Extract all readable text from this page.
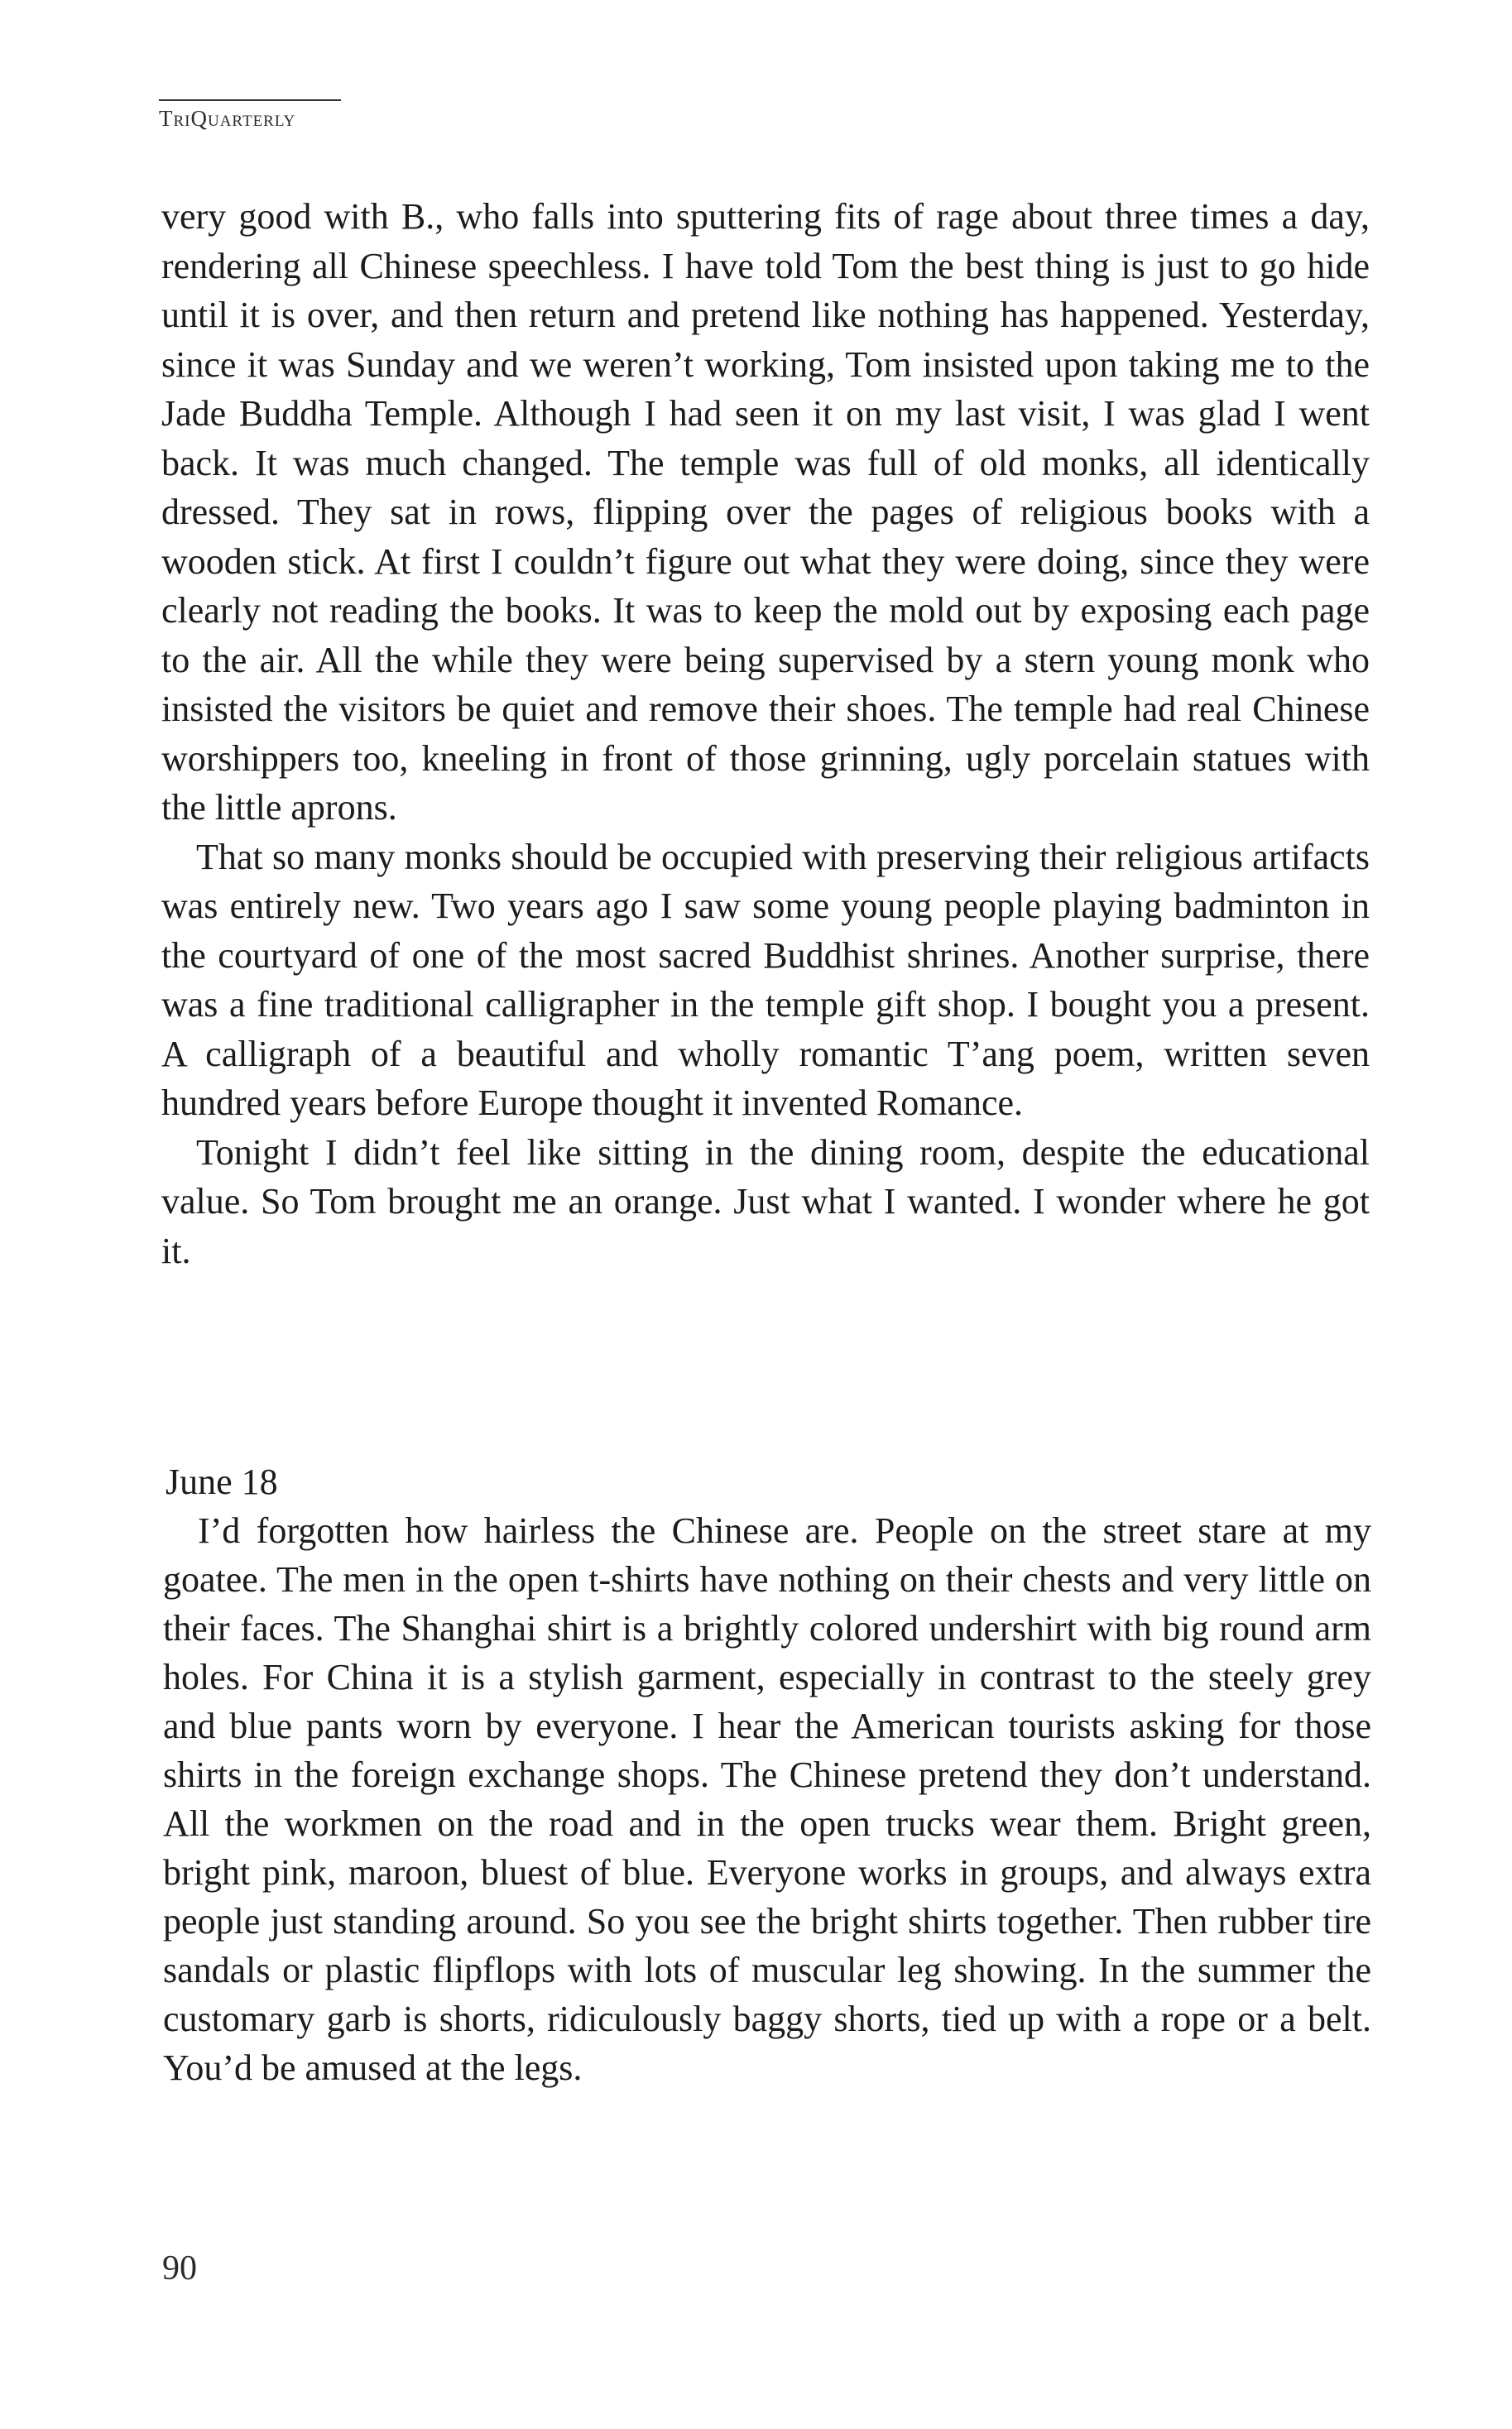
TriQuarterly

very good with B., who falls into sputtering fits of rage about three times a day, rendering all Chinese speechless. I have told Tom the best thing is just to go hide until it is over, and then return and pretend like nothing has happened. Yesterday, since it was Sunday and we weren’t working, Tom insisted upon taking me to the Jade Buddha Temple. Although I had seen it on my last visit, I was glad I went back. It was much changed. The temple was full of old monks, all identically dressed. They sat in rows, flipping over the pages of religious books with a wooden stick. At first I couldn’t figure out what they were doing, since they were clearly not reading the books. It was to keep the mold out by exposing each page to the air. All the while they were being supervised by a stern young monk who insisted the visitors be quiet and remove their shoes. The temple had real Chinese worshippers too, kneeling in front of those grinning, ugly porcelain statues with the little aprons.

That so many monks should be occupied with preserving their religious artifacts was entirely new. Two years ago I saw some young people playing badminton in the courtyard of one of the most sacred Buddhist shrines. Another surprise, there was a fine traditional calligrapher in the temple gift shop. I bought you a present. A calligraph of a beautiful and wholly romantic T’ang poem, written seven hundred years before Europe thought it invented Romance.

Tonight I didn’t feel like sitting in the dining room, despite the educational value. So Tom brought me an orange. Just what I wanted. I wonder where he got it.

June 18

I’d forgotten how hairless the Chinese are. People on the street stare at my goatee. The men in the open t-shirts have nothing on their chests and very little on their faces. The Shanghai shirt is a brightly colored undershirt with big round arm holes. For China it is a stylish garment, especially in contrast to the steely grey and blue pants worn by everyone. I hear the American tourists asking for those shirts in the foreign exchange shops. The Chinese pretend they don’t understand. All the workmen on the road and in the open trucks wear them. Bright green, bright pink, maroon, bluest of blue. Everyone works in groups, and always extra people just standing around. So you see the bright shirts together. Then rubber tire sandals or plastic flipflops with lots of muscular leg showing. In the summer the customary garb is shorts, ridiculously baggy shorts, tied up with a rope or a belt. You’d be amused at the legs.

90
